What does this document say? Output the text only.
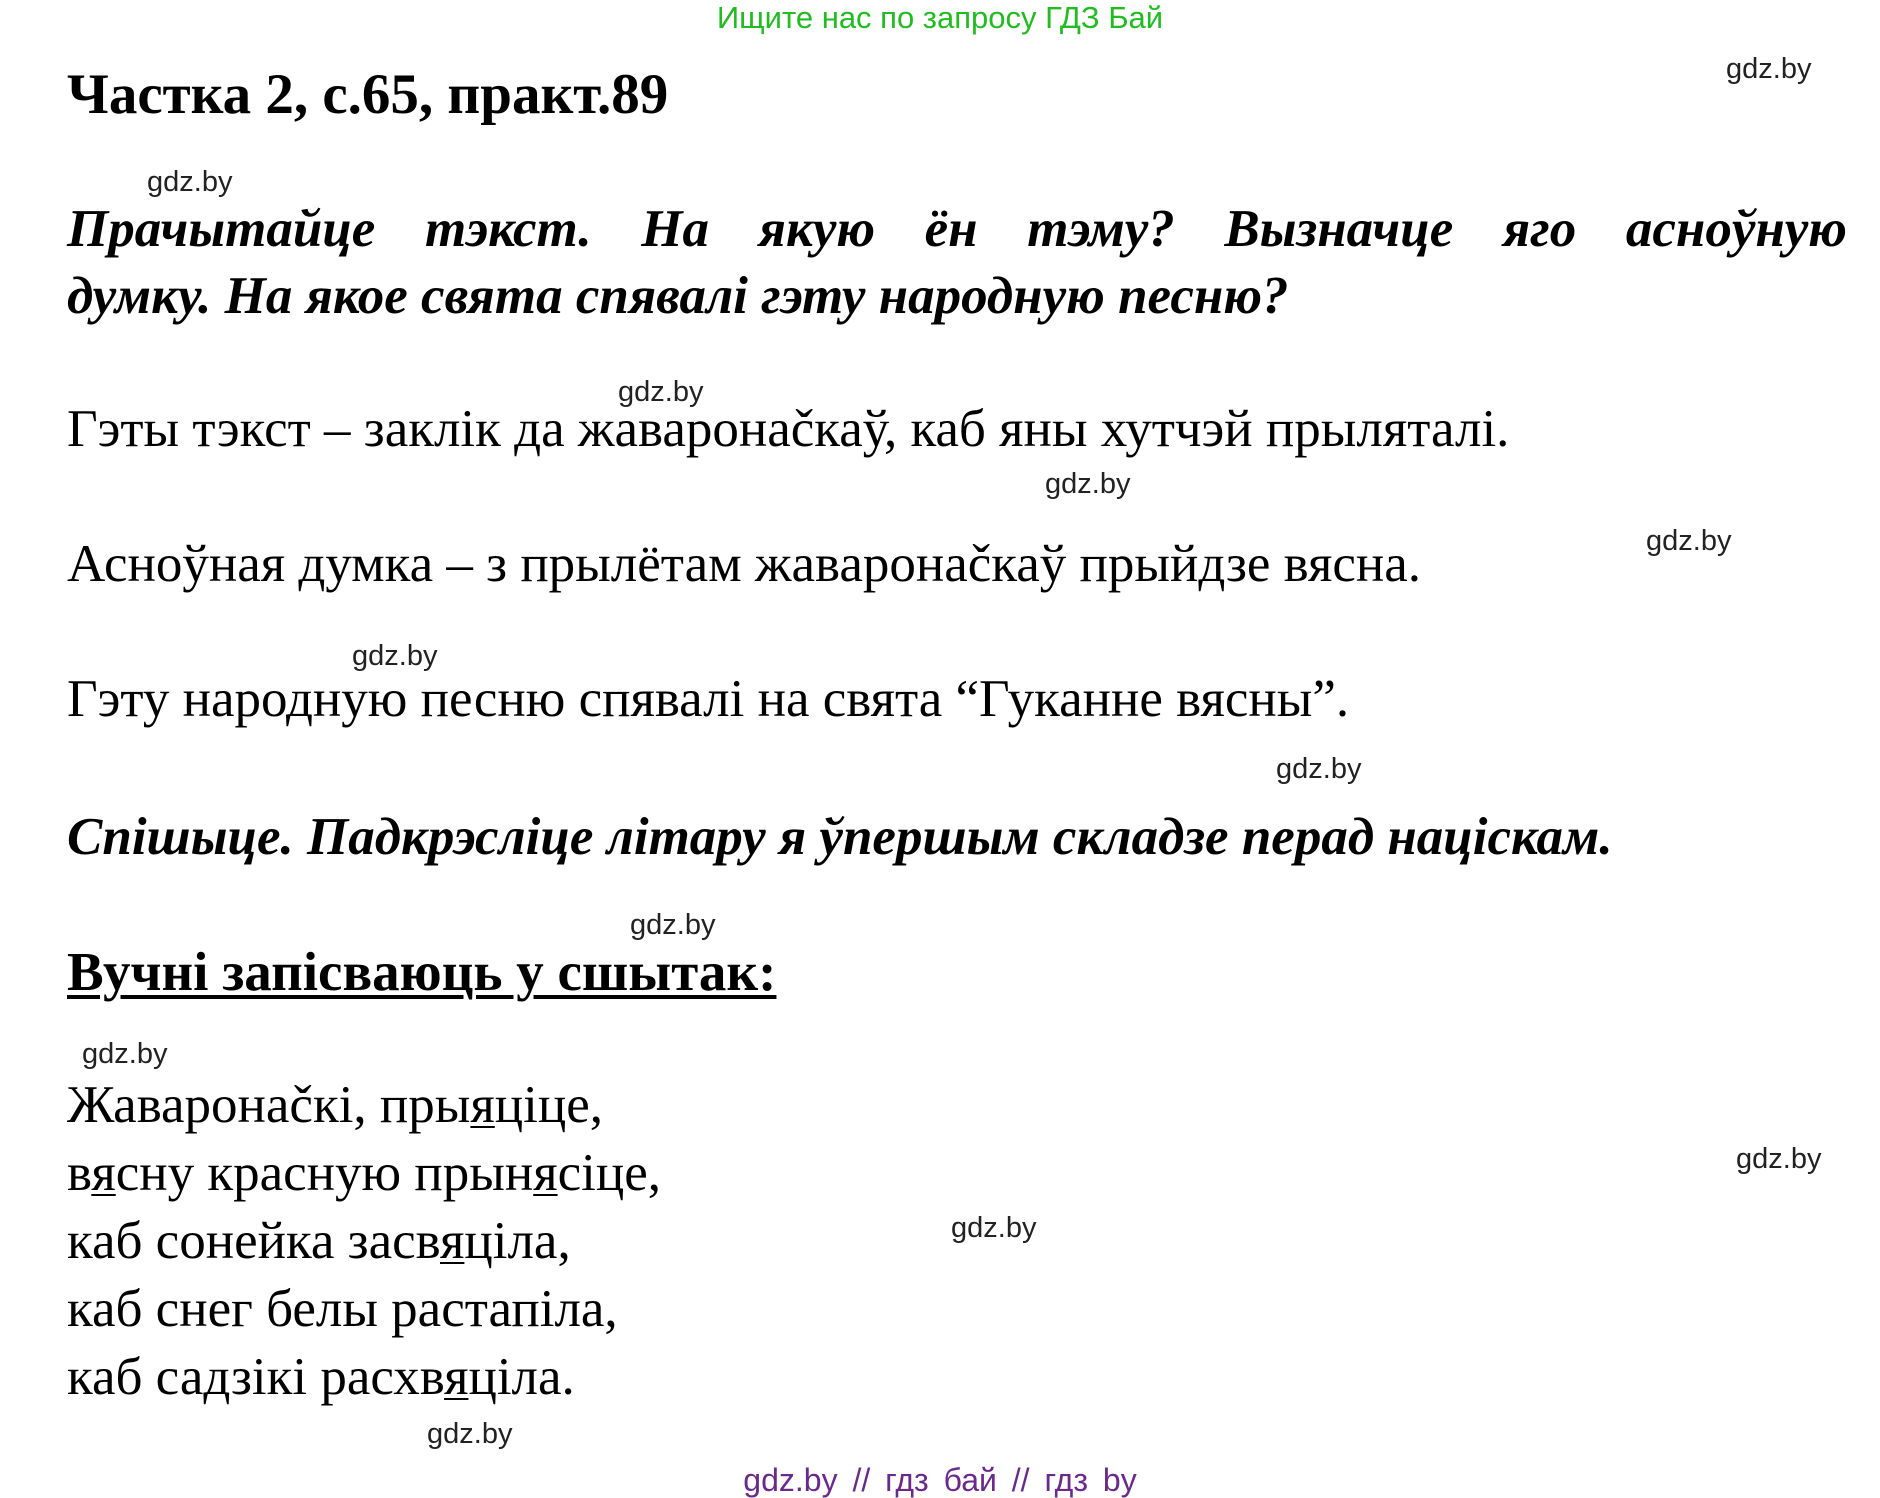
Ищите нас по запросу ГДЗ Бай
Частка 2, с.65, практ.89	gdz.by
gdz.by
Прачытайце тэкст. На якую ён тэму? Вызначце яго асноўную
думку. На якое свята спявалі гэту народную песню?
gdz.by
Гэты тэкст – заклік да жаваронačкаў, каб яны хутчэй прыляталі.
gdz.by
gdz.by
Асноўная думка – з прылётам жаваронačкаў прыйдзе вясна.
gdz.by
Гэту народную песню спявалі на свята “Гуканне вясны”.
gdz.by
Спішыце. Падкрэсліце літару я ўпершым складзе перад націскам.
gdz.by
Вучні запісваюць у сшытак:
gdz.by
Жаваронačкі, прыяціце,
gdz.by
вясну красную прынясіце,
gdz.by
каб сонейка засвяціла,
каб снег белы растапіла,
каб садзікі расхвяціла.
gdz.by
gdz.by // гдз бай // гдз by
